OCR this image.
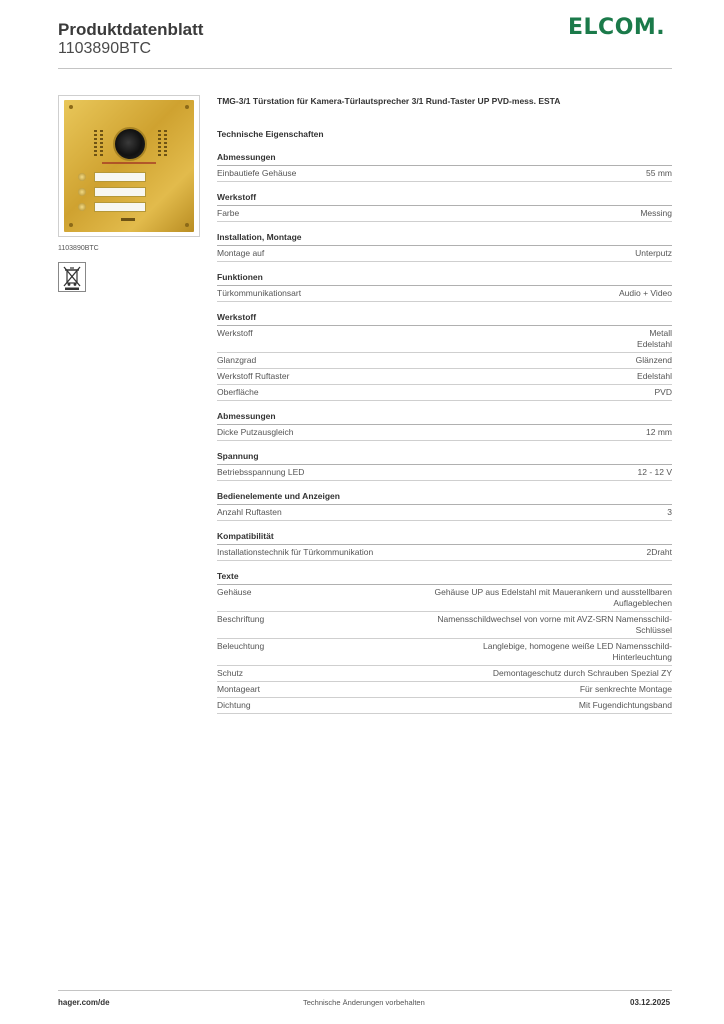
Produktdatenblatt
1103890BTC
ELCOM.
1103890BTC
TMG-3/1 Türstation für Kamera-Türlautsprecher 3/1 Rund-Taster UP PVD-mess. ESTA
Technische Eigenschaften
Abmessungen
Einbautiefe Gehäuse	55 mm
Werkstoff
Farbe	Messing
Installation, Montage
Montage auf	Unterputz
Funktionen
Türkommunikationsart	Audio + Video
Werkstoff
Werkstoff	Metall
Edelstahl
Glanzgrad	Glänzend
Werkstoff Ruftaster	Edelstahl
Oberfläche	PVD
Abmessungen
Dicke Putzausgleich	12 mm
Spannung
Betriebsspannung LED	12 - 12 V
Bedienelemente und Anzeigen
Anzahl Ruftasten	3
Kompatibilität
Installationstechnik für Türkommunikation	2Draht
Texte
Gehäuse	Gehäuse UP aus Edelstahl mit Mauerankern und ausstellbaren
Auflageblechen
Beschriftung	Namensschildwechsel von vorne mit AVZ-SRN Namensschild-
Schlüssel
Beleuchtung	Langlebige, homogene weiße LED Namensschild-
Hinterleuchtung
Schutz	Demontageschutz durch Schrauben Spezial ZY
Montageart	Für senkrechte Montage
Dichtung	Mit Fugendichtungsband
hager.com/de	Technische Änderungen vorbehalten	03.12.2025
